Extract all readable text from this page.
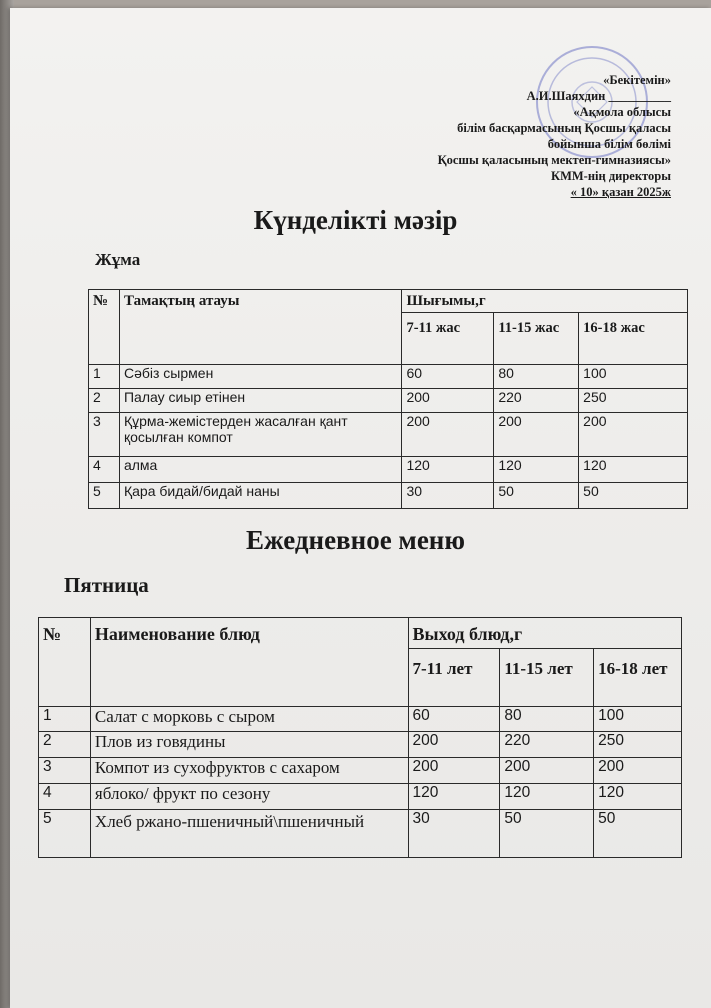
«Бекітемін»
А.И.Шаяхдин __________
«Ақмола облысы
білім басқармасының Қосшы қаласы
бойынша білім бөлімі
Қосшы қаласының мектеп-гимназиясы»
КММ-нің директоры
« 10» қазан 2025ж
Күнделікті мәзір
Жұма
№	Тамақтың атауы	Шығымы,г		
		7-11 жас	11-15 жас	16-18 жас
1	Сәбіз сырмен	60	80	100
2	Палау сиыр етінен	200	220	250
3	Құрма-жемістерден жасалған қант қосылған компот	200	200	200
4	алма	120	120	120
5	Қара бидай/бидай наны	30	50	50
Ежедневное меню
Пятница
№	Наименование блюд	Выход блюд,г		
		7-11 лет	11-15 лет	16-18 лет
1	Салат с морковь с сыром	60	80	100
2	Плов из говядины	200	220	250
3	Компот из сухофруктов с сахаром	200	200	200
4	яблоко/ фрукт по сезону	120	120	120
5	Хлеб ржано-пшеничный\пшеничный	30	50	50
